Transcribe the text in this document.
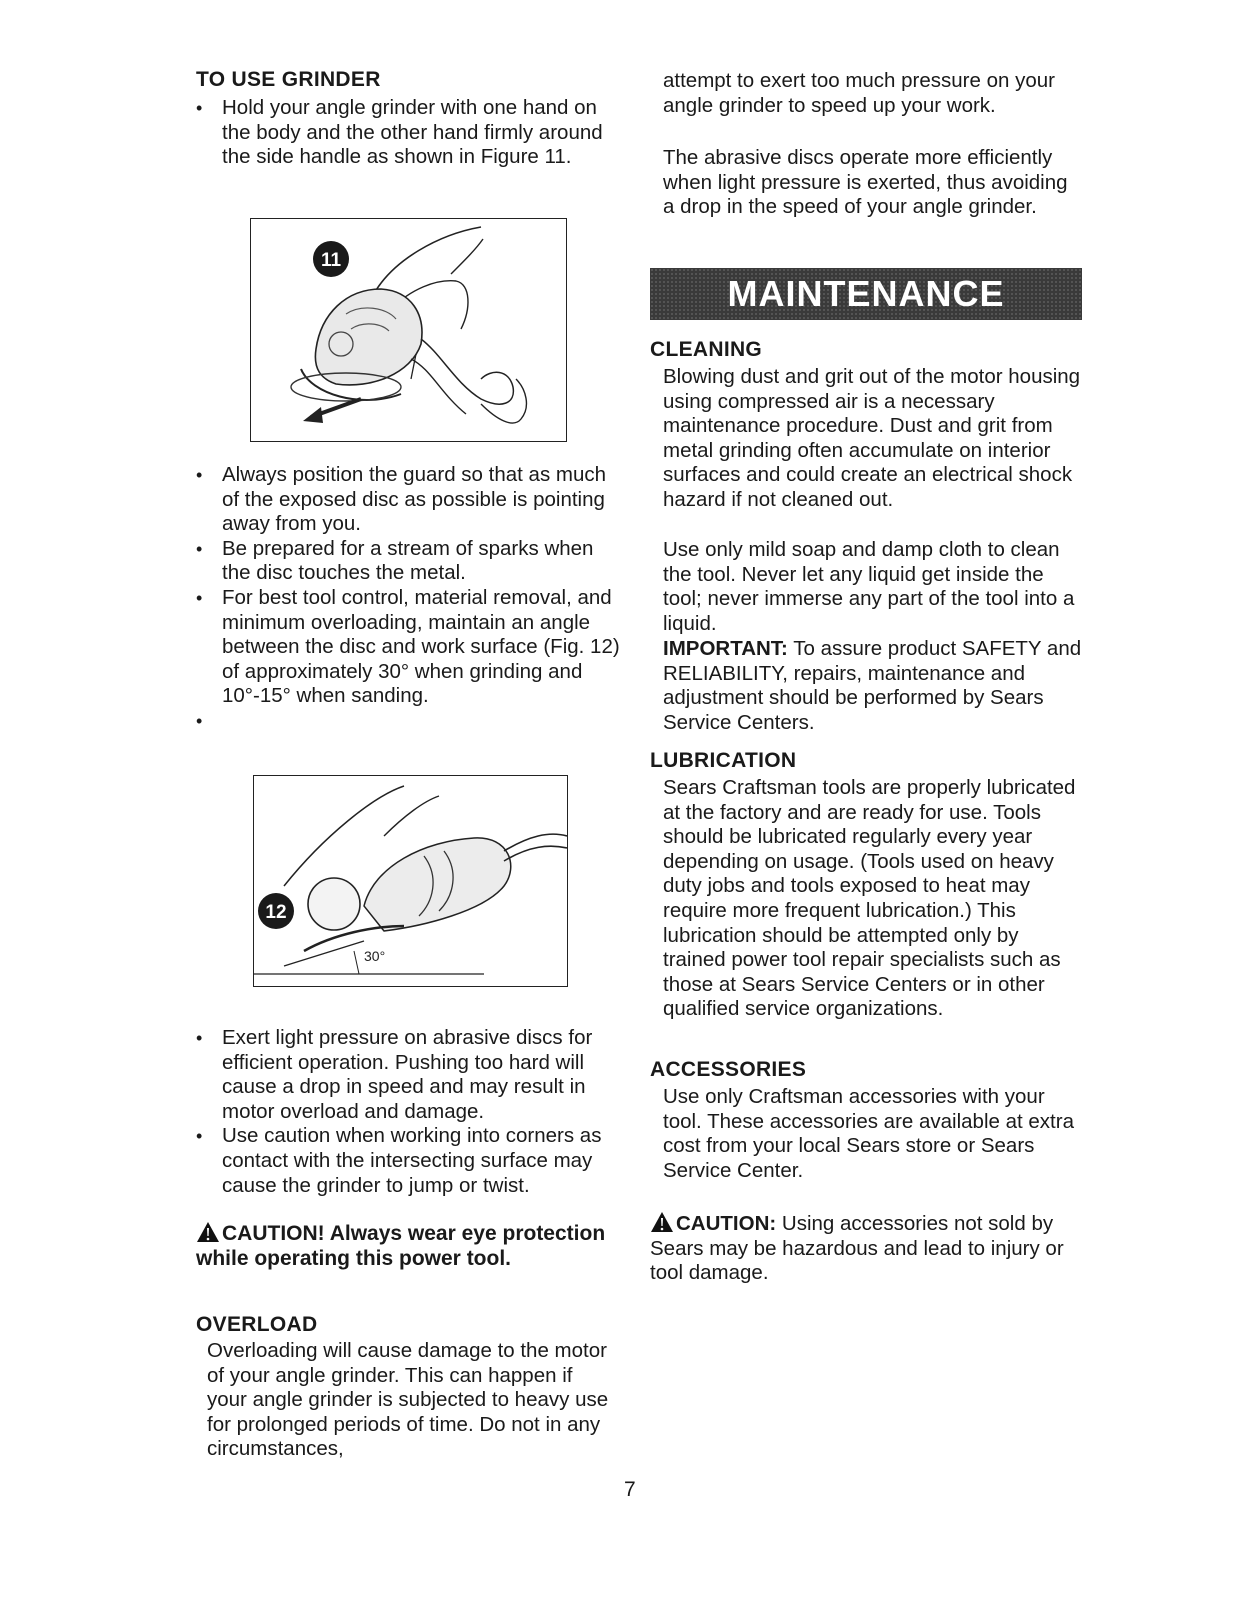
TO USE GRINDER
• Hold your angle grinder with one hand on the body and the other hand firmly around the side handle as shown in Figure 11.
11
• Always position the guard so that as much of the exposed disc as possible is pointing away from you.
• Be prepared for a stream of sparks when the disc touches the metal.
• For best tool control, material removal, and minimum overloading, maintain an angle between the disc and work surface (Fig. 12) of approximately 30° when grinding and 10°-15° when sanding.
•
30°
12
• Exert light pressure on abrasive discs for efficient operation. Pushing too hard will cause a drop in speed and may result in motor overload and damage.
• Use caution when working into corners as contact with the intersecting surface may cause the grinder to jump or twist.

CAUTION! Always wear eye protection while operating this power tool.

OVERLOAD

Overloading will cause damage to the motor of your angle grinder. This can happen if your angle grinder is subjected to heavy use for prolonged periods of time. Do not in any circumstances,

attempt to exert too much pressure on your angle grinder to speed up your work.

The abrasive discs operate more efficiently when light pressure is exerted, thus avoiding a drop in the speed of your angle grinder.

MAINTENANCE
CLEANING

Blowing dust and grit out of the motor housing using compressed air is a necessary maintenance procedure. Dust and grit from metal grinding often accumulate on interior surfaces and could create an electrical shock hazard if not cleaned out.

Use only mild soap and damp cloth to clean the tool. Never let any liquid get inside the tool; never immerse any part of the tool into a liquid.

IMPORTANT: To assure product SAFETY and RELIABILITY, repairs, maintenance and adjustment should be performed by Sears Service Centers.

LUBRICATION

Sears Craftsman tools are properly lubricated at the factory and are ready for use. Tools should be lubricated regularly every year depending on usage. (Tools used on heavy duty jobs and tools exposed to heat may require more frequent lubrication.) This lubrication should be attempted only by trained power tool repair specialists such as those at Sears Service Centers or in other qualified service organizations.

ACCESSORIES

Use only Craftsman accessories with your tool. These accessories are available at extra cost from your local Sears store or Sears Service Center.

CAUTION: Using accessories not sold by Sears may be hazardous and lead to injury or tool damage.

7
